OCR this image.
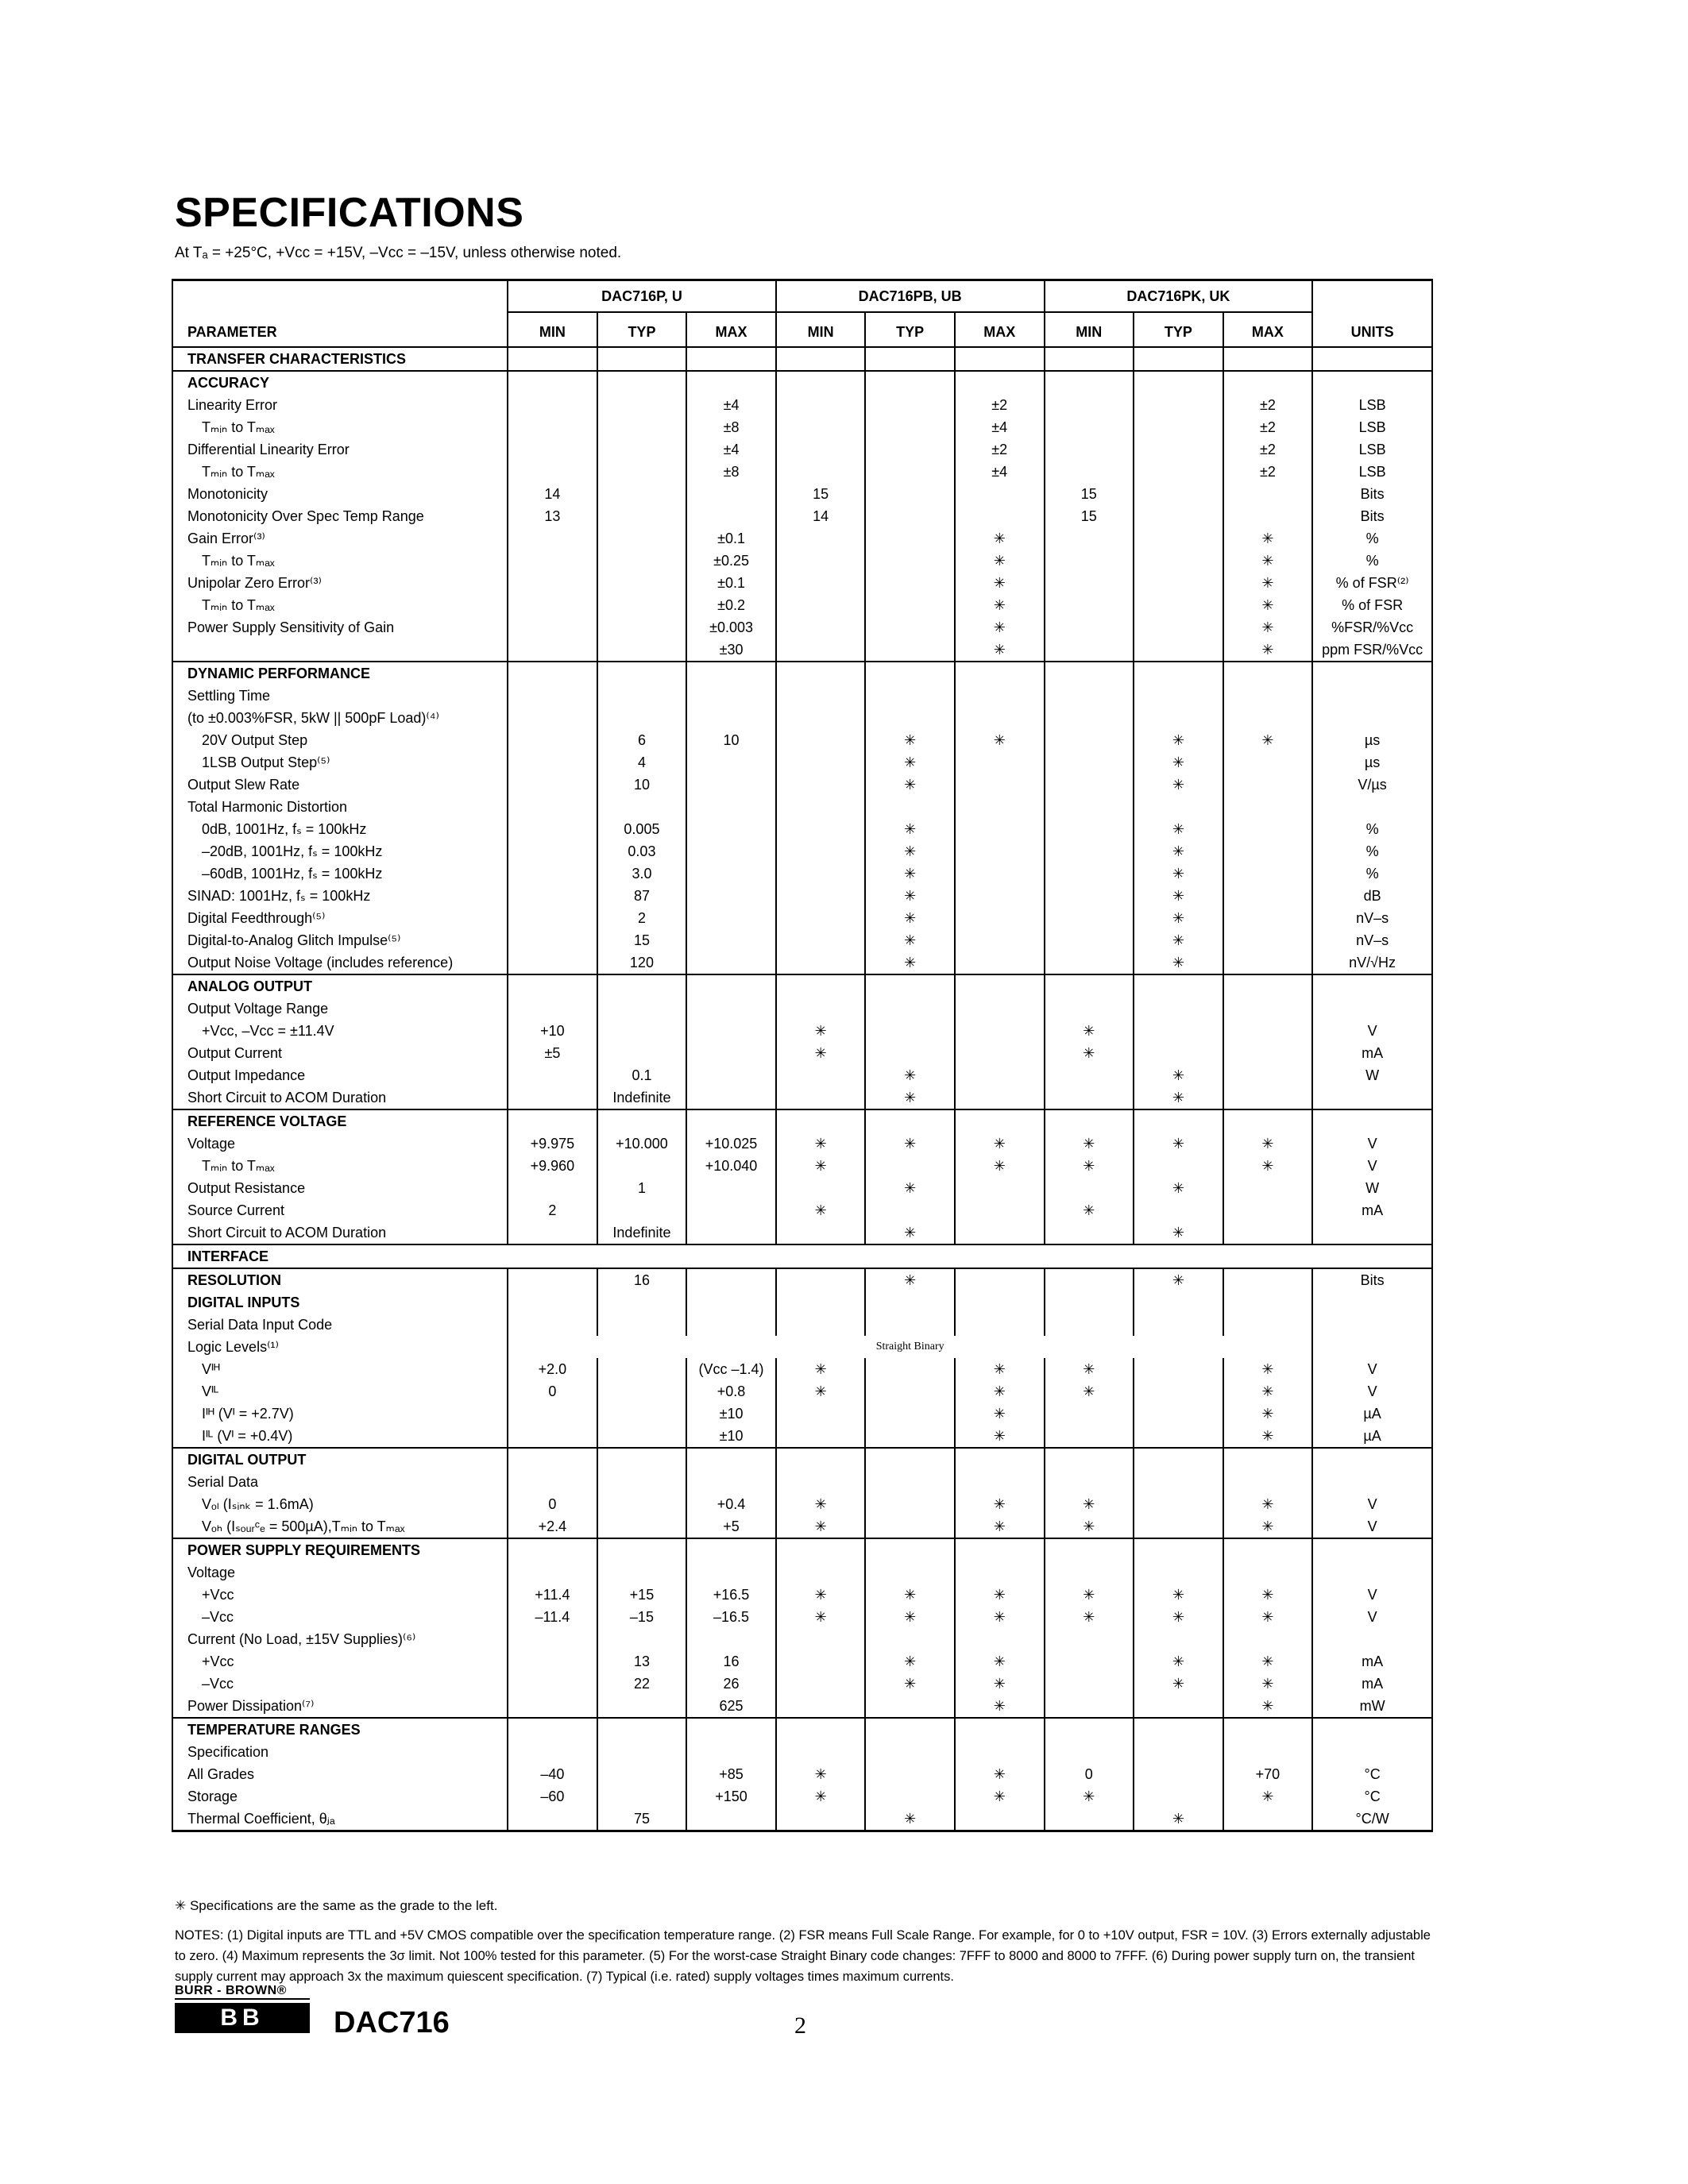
SPECIFICATIONS
At Tₐ = +25°C, +Vᴄᴄ = +15V, –Vᴄᴄ = –15V, unless otherwise noted.
	DAC716P, U			DAC716PB, UB			DAC716PK, UK			
PARAMETER	MIN	TYP	MAX	MIN	TYP	MAX	MIN	TYP	MAX	UNITS
TRANSFER CHARACTERISTICS										
ACCURACY										
Linearity Error			±4			±2			±2	LSB
Tₘᵢₙ to Tₘₐₓ			±8			±4			±2	LSB
Differential Linearity Error			±4			±2			±2	LSB
Tₘᵢₙ to Tₘₐₓ			±8			±4			±2	LSB
Monotonicity	14			15			15			Bits
Monotonicity Over Spec Temp Range	13			14			15			Bits
Gain Error⁽³⁾			±0.1			✳			✳	%
Tₘᵢₙ to Tₘₐₓ			±0.25			✳			✳	%
Unipolar Zero Error⁽³⁾			±0.1			✳			✳	% of FSR⁽²⁾
Tₘᵢₙ to Tₘₐₓ			±0.2			✳			✳	% of FSR
Power Supply Sensitivity of Gain			±0.003			✳			✳	%FSR/%Vᴄᴄ
			±30			✳			✳	ppm FSR/%Vᴄᴄ
DYNAMIC PERFORMANCE										
Settling Time										
(to ±0.003%FSR, 5kW || 500pF Load)⁽⁴⁾										
20V Output Step		6	10		✳	✳		✳	✳	µs
1LSB Output Step⁽⁵⁾		4			✳			✳		µs
Output Slew Rate		10			✳			✳		V/µs
Total Harmonic Distortion										
0dB, 1001Hz, fₛ = 100kHz		0.005			✳			✳		%
–20dB, 1001Hz, fₛ = 100kHz		0.03			✳			✳		%
–60dB, 1001Hz, fₛ = 100kHz		3.0			✳			✳		%
SINAD: 1001Hz, fₛ = 100kHz		87			✳			✳		dB
Digital Feedthrough⁽⁵⁾		2			✳			✳		nV–s
Digital-to-Analog Glitch Impulse⁽⁵⁾		15			✳			✳		nV–s
Output Noise Voltage (includes reference)		120			✳			✳		nV/√Hz
ANALOG OUTPUT										
Output Voltage Range										
+Vᴄᴄ, –Vᴄᴄ = ±11.4V	+10			✳			✳			V
Output Current	±5			✳			✳			mA
Output Impedance		0.1			✳			✳		W
Short Circuit to ACOM Duration		Indefinite			✳			✳		
REFERENCE VOLTAGE										
Voltage	+9.975	+10.000	+10.025	✳	✳	✳	✳	✳	✳	V
Tₘᵢₙ to Tₘₐₓ	+9.960		+10.040	✳		✳	✳		✳	V
Output Resistance		1			✳			✳		W
Source Current	2			✳			✳			mA
Short Circuit to ACOM Duration		Indefinite			✳			✳		
INTERFACE										
RESOLUTION		16			✳			✳		Bits
DIGITAL INPUTS										
Serial Data Input Code										
Logic Levels⁽¹⁾	Straight Binary									
Vᴵᴴ	+2.0		(Vᴄᴄ –1.4)	✳		✳	✳		✳	V
Vᴵᴸ	0		+0.8	✳		✳	✳		✳	V
Iᴵᴴ (Vᴵ = +2.7V)			±10			✳			✳	µA
Iᴵᴸ (Vᴵ = +0.4V)			±10			✳			✳	µA
DIGITAL OUTPUT										
Serial Data										
Vₒₗ (Iₛᵢₙₖ = 1.6mA)	0		+0.4	✳		✳	✳		✳	V
Vₒₕ (Iₛₒᵤᵣᶜₑ = 500µA),Tₘᵢₙ to Tₘₐₓ	+2.4		+5	✳		✳	✳		✳	V
POWER SUPPLY REQUIREMENTS										
Voltage										
+Vᴄᴄ	+11.4	+15	+16.5	✳	✳	✳	✳	✳	✳	V
–Vᴄᴄ	–11.4	–15	–16.5	✳	✳	✳	✳	✳	✳	V
Current (No Load, ±15V Supplies)⁽⁶⁾										
+Vᴄᴄ		13	16		✳	✳		✳	✳	mA
–Vᴄᴄ		22	26		✳	✳		✳	✳	mA
Power Dissipation⁽⁷⁾			625			✳			✳	mW
TEMPERATURE RANGES										
Specification										
All Grades	–40		+85	✳		✳	0		+70	°C
Storage	–60		+150	✳		✳	✳		✳	°C
Thermal Coefficient, θⱼₐ		75			✳			✳		°C/W
✳ Specifications are the same as the grade to the left.
NOTES: (1) Digital inputs are TTL and +5V CMOS compatible over the specification temperature range. (2) FSR means Full Scale Range. For example, for 0 to +10V output, FSR = 10V. (3) Errors externally adjustable to zero. (4) Maximum represents the 3σ limit. Not 100% tested for this parameter. (5) For the worst-case Straight Binary code changes: 7FFF to 8000 and 8000 to 7FFF. (6) During power supply turn on, the transient supply current may approach 3x the maximum quiescent specification. (7) Typical (i.e. rated) supply voltages times maximum currents.
BURR - BROWN®
BB	DAC716	2
